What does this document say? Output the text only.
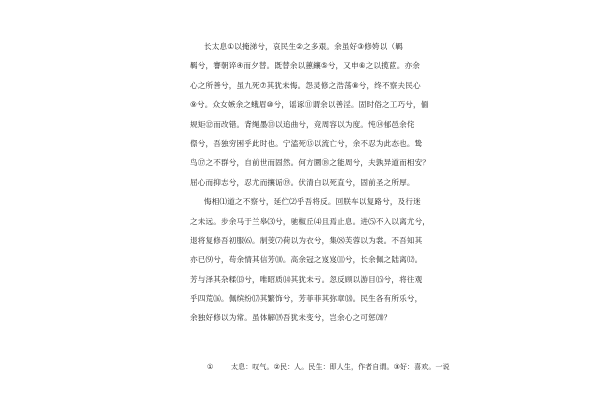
长太息①以掩涕兮，哀民生②之多艰。余虽好③修姱以（羁
羁兮，謇朝谇④而夕替。既替余以蕙纕⑤兮，又申⑥之以揽茝。亦余
心之所善兮，虽九死⑦其犹未悔。怨灵修之浩荡⑧兮，终不察夫民心
⑨兮。众女嫉余之蛾眉⑩兮，谣诼⑪谓余以善淫。固时俗之工巧兮，偭
规矩⑫而改错。背绳墨⑬以追曲兮，竞周容以为度。忳⑭郁邑余侘
傺兮，吾独穷困乎此时也。宁溘死⑮以流亡兮，余不忍为此态也。鸷
鸟⑰之不群兮，自前世而固然。何方圜⑱之能周兮，夫孰异道而相安？
屈心而抑志兮，忍尤而攘诟⑲。伏清白以死直兮，固前圣之所厚。
悔相⑴道之不察兮，延伫⑵乎吾将反。回朕车以复路兮，及行迷
之未远。步余马于兰皋⑶兮，驰椒丘⑷且焉止息。进⑸不入以离尤兮，
退将复修吾初服⑹。制芰⑺荷以为衣兮，集⑻芙蓉以为裳。不吾知其
亦已⑼兮，苟余情其信芳⑽。高余冠之岌岌⑾兮，长余佩之陆离⑿。
芳与泽其杂糅⒀兮，唯昭质⒁其犹未亏。忽反顾以游目⒂兮，将往观
乎四荒⒃。佩缤纷⒄其繁饰兮，芳菲菲其弥章⒅。民生各有所乐兮，
余独好修以为常。虽体解⒆吾犹未变兮，岂余心之可惩⒇？
①	太息：叹气。②民：人。民生：即人生，作者自谓。③好：喜欢。一说
